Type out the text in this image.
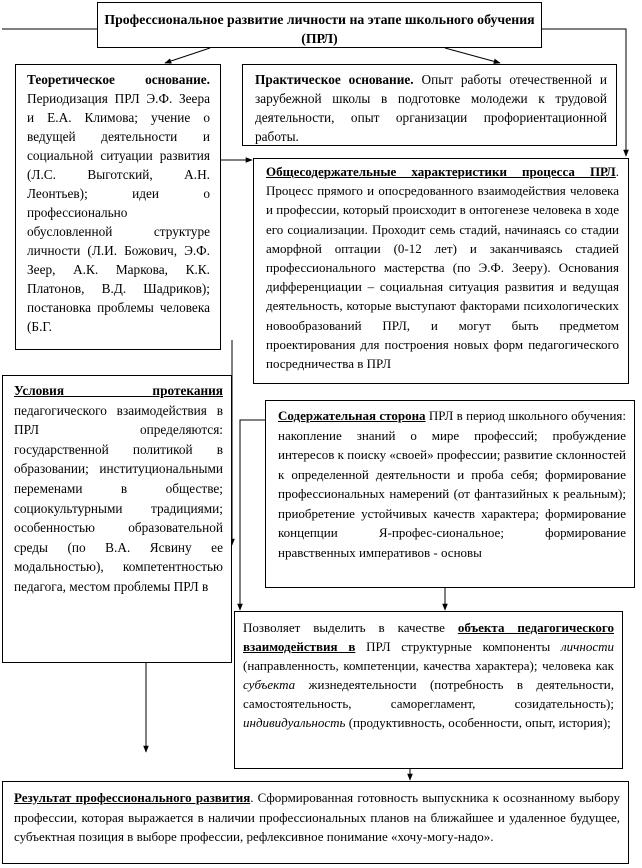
Профессиональное развитие личности на этапе школьного обучения (ПРЛ)

Теоретическое основание. Периодизация ПРЛ Э.Ф. Зеера и Е.А. Климова; учение о ведущей деятельности и социальной ситуации развития (Л.С. Выготский, А.Н. Леонтьев); идеи о профессионально обусловленной структуре личности (Л.И. Божович, Э.Ф. Зеер, А.К. Маркова, К.К. Платонов, В.Д. Шадриков); постановка проблемы человека (Б.Г.

Практическое основание. Опыт работы отечественной и зарубежной школы в подготовке молодежи к трудовой деятельности, опыт организации профориентационной работы.

Общесодержательные характеристики процесса ПРЛ. Процесс прямого и опосредованного взаимодействия человека и профессии, который происходит в онтогенезе человека в ходе его социализации. Проходит семь стадий, начинаясь со стадии аморфной оптации (0-12 лет) и заканчиваясь стадией профессионального мастерства (по Э.Ф. Зееру). Основания дифференциации – социальная ситуация развития и ведущая деятельность, которые выступают факторами психологических новообразований ПРЛ, и могут быть предметом проектирования для построения новых форм педагогического посредничества в ПРЛ

Условия протекания педагогического взаимодействия в ПРЛ определяются: государственной политикой в образовании; институциональными переменами в обществе; социокультурными традициями; особенностью образовательной среды (по В.А. Ясвину ее модальностью), компетентностью педагога, местом проблемы ПРЛ в

Содержательная сторона ПРЛ в период школьного обучения: накопление знаний о мире профессий; пробуждение интересов к поиску «своей» профессии; развитие склонностей к определенной деятельности и проба себя; формирование профессиональных намерений (от фантазийных к реальным); приобретение устойчивых качеств характера; формирование концепции Я-профес-сиональное; формирование нравственных императивов - основы

Позволяет выделить в качестве объекта педагогического взаимодействия в ПРЛ структурные компоненты личности (направленность, компетенции, качества характера); человека как субъекта жизнедеятельности (потребность в деятельности, самостоятельность, саморегламент, созидательность); индивидуальность (продуктивность, особенности, опыт, история);

Результат профессионального развития. Сформированная готовность выпускника к осознанному выбору профессии, которая выражается в наличии профессиональных планов на ближайшее и удаленное будущее, субъектная позиция в выборе профессии, рефлексивное понимание «хочу-могу-надо».
